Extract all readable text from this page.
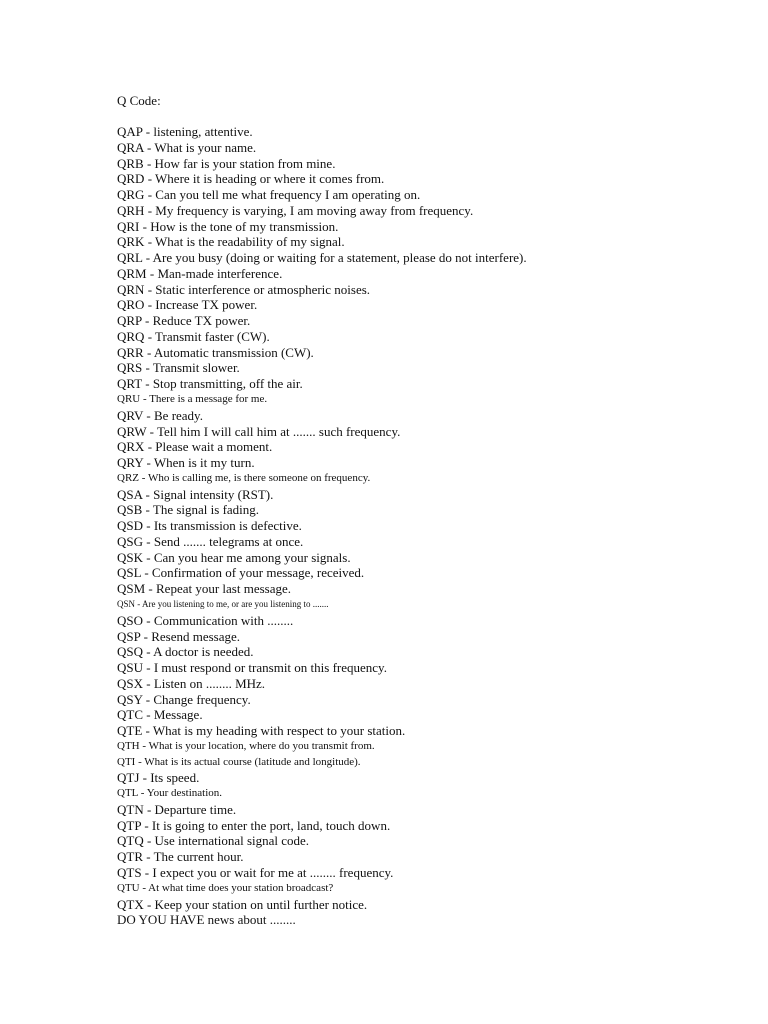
Q Code:
QAP - listening, attentive.
QRA - What is your name.
QRB - How far is your station from mine.
QRD - Where it is heading or where it comes from.
QRG - Can you tell me what frequency I am operating on.
QRH - My frequency is varying, I am moving away from frequency.
QRI - How is the tone of my transmission.
QRK - What is the readability of my signal.
QRL - Are you busy (doing or waiting for a statement, please do not interfere).
QRM - Man-made interference.
QRN - Static interference or atmospheric noises.
QRO - Increase TX power.
QRP - Reduce TX power.
QRQ - Transmit faster (CW).
QRR - Automatic transmission (CW).
QRS - Transmit slower.
QRT - Stop transmitting, off the air.
QRU - There is a message for me.
QRV - Be ready.
QRW - Tell him I will call him at ....... such frequency.
QRX - Please wait a moment.
QRY - When is it my turn.
QRZ - Who is calling me, is there someone on frequency.
QSA - Signal intensity (RST).
QSB - The signal is fading.
QSD - Its transmission is defective.
QSG - Send ....... telegrams at once.
QSK - Can you hear me among your signals.
QSL - Confirmation of your message, received.
QSM - Repeat your last message.
QSN - Are you listening to me, or are you listening to .......
QSO - Communication with ........
QSP - Resend message.
QSQ - A doctor is needed.
QSU - I must respond or transmit on this frequency.
QSX - Listen on ........ MHz.
QSY - Change frequency.
QTC - Message.
QTE - What is my heading with respect to your station.
QTH - What is your location, where do you transmit from.
QTI - What is its actual course (latitude and longitude).
QTJ - Its speed.
QTL - Your destination.
QTN - Departure time.
QTP - It is going to enter the port, land, touch down.
QTQ - Use international signal code.
QTR - The current hour.
QTS - I expect you or wait for me at ........ frequency.
QTU - At what time does your station broadcast?
QTX - Keep your station on until further notice.
DO YOU HAVE news about ........
